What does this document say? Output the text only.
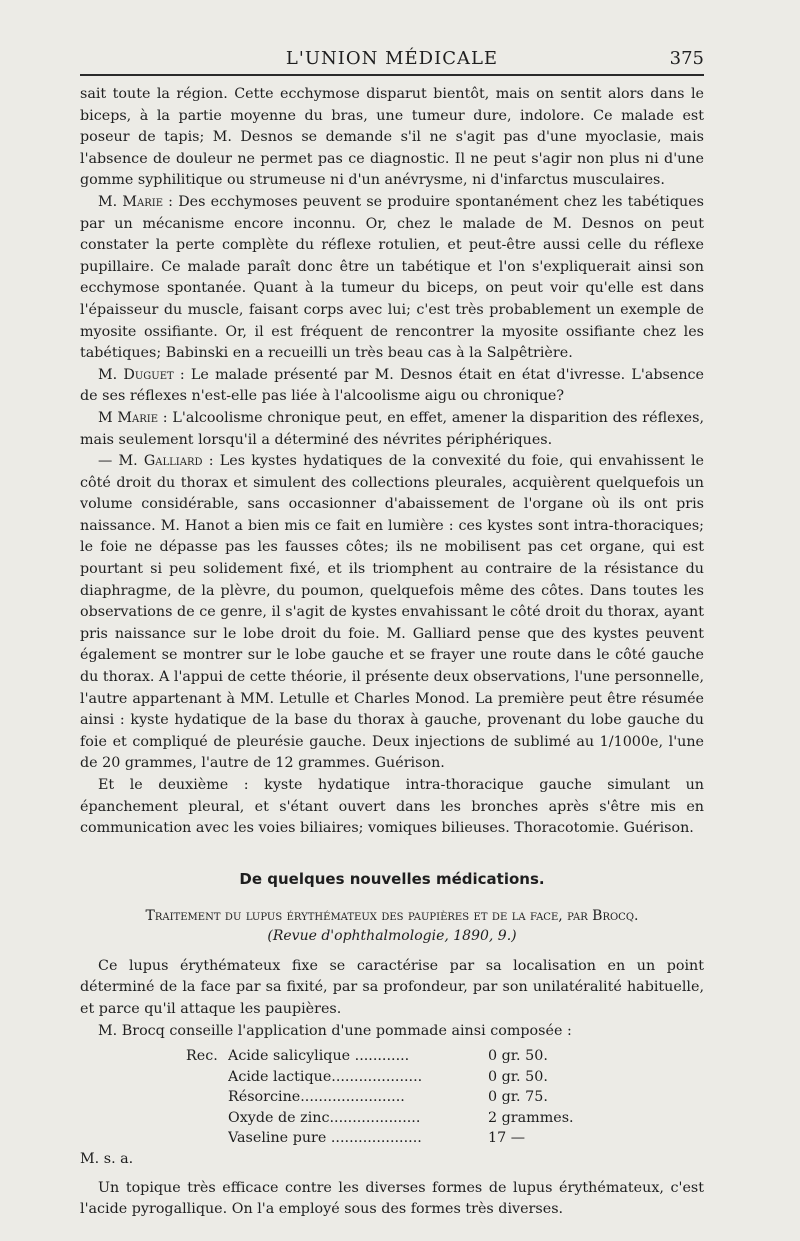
L'UNION MÉDICALE	375

sait toute la région. Cette ecchymose disparut bientôt, mais on sentit alors dans le biceps, à la partie moyenne du bras, une tumeur dure, indolore. Ce malade est poseur de tapis; M. Desnos se demande s'il ne s'agit pas d'une myoclasie, mais l'absence de douleur ne permet pas ce diagnostic. Il ne peut s'agir non plus ni d'une gomme syphilitique ou strumeuse ni d'un anévrysme, ni d'infarctus musculaires.

M. Marie : Des ecchymoses peuvent se produire spontanément chez les tabétiques par un mécanisme encore inconnu. Or, chez le malade de M. Desnos on peut constater la perte complète du réflexe rotulien, et peut-être aussi celle du réflexe pupillaire. Ce malade paraît donc être un tabétique et l'on s'expliquerait ainsi son ecchymose spontanée. Quant à la tumeur du biceps, on peut voir qu'elle est dans l'épaisseur du muscle, faisant corps avec lui; c'est très probablement un exemple de myosite ossifiante. Or, il est fréquent de rencontrer la myosite ossifiante chez les tabétiques; Babinski en a recueilli un très beau cas à la Salpêtrière.

M. Duguet : Le malade présenté par M. Desnos était en état d'ivresse. L'absence de ses réflexes n'est-elle pas liée à l'alcoolisme aigu ou chronique?

M Marie : L'alcoolisme chronique peut, en effet, amener la disparition des réflexes, mais seulement lorsqu'il a déterminé des névrites périphériques.

— M. Galliard : Les kystes hydatiques de la convexité du foie, qui envahissent le côté droit du thorax et simulent des collections pleurales, acquièrent quelquefois un volume considérable, sans occasionner d'abaissement de l'organe où ils ont pris naissance. M. Hanot a bien mis ce fait en lumière : ces kystes sont intra-thoraciques; le foie ne dépasse pas les fausses côtes; ils ne mobilisent pas cet organe, qui est pourtant si peu solidement fixé, et ils triomphent au contraire de la résistance du diaphragme, de la plèvre, du poumon, quelquefois même des côtes. Dans toutes les observations de ce genre, il s'agit de kystes envahissant le côté droit du thorax, ayant pris naissance sur le lobe droit du foie. M. Galliard pense que des kystes peuvent également se montrer sur le lobe gauche et se frayer une route dans le côté gauche du thorax. A l'appui de cette théorie, il présente deux observations, l'une personnelle, l'autre appartenant à MM. Letulle et Charles Monod. La première peut être résumée ainsi : kyste hydatique de la base du thorax à gauche, provenant du lobe gauche du foie et compliqué de pleurésie gauche. Deux injections de sublimé au 1/1000e, l'une de 20 grammes, l'autre de 12 grammes. Guérison.

Et le deuxième : kyste hydatique intra-thoracique gauche simulant un épanchement pleural, et s'étant ouvert dans les bronches après s'être mis en communication avec les voies biliaires; vomiques bilieuses. Thoracotomie. Guérison.

De quelques nouvelles médications.
Traitement du lupus érythémateux des paupières et de la face, par Brocq.
(Revue d'ophthalmologie, 1890, 9.)

Ce lupus érythémateux fixe se caractérise par sa localisation en un point déterminé de la face par sa fixité, par sa profondeur, par son unilatéralité habituelle, et parce qu'il attaque les paupières.

M. Brocq conseille l'application d'une pommade ainsi composée :

Rec. Acide salicylique ............	0 gr. 50.
Acide lactique....................	0 gr. 50.
Résorcine.......................	0 gr. 75.
Oxyde de zinc....................	2 grammes.
Vaseline pure ....................	17 —
M. s. a.

Un topique très efficace contre les diverses formes de lupus érythémateux, c'est l'acide pyrogallique. On l'a employé sous des formes très diverses.
